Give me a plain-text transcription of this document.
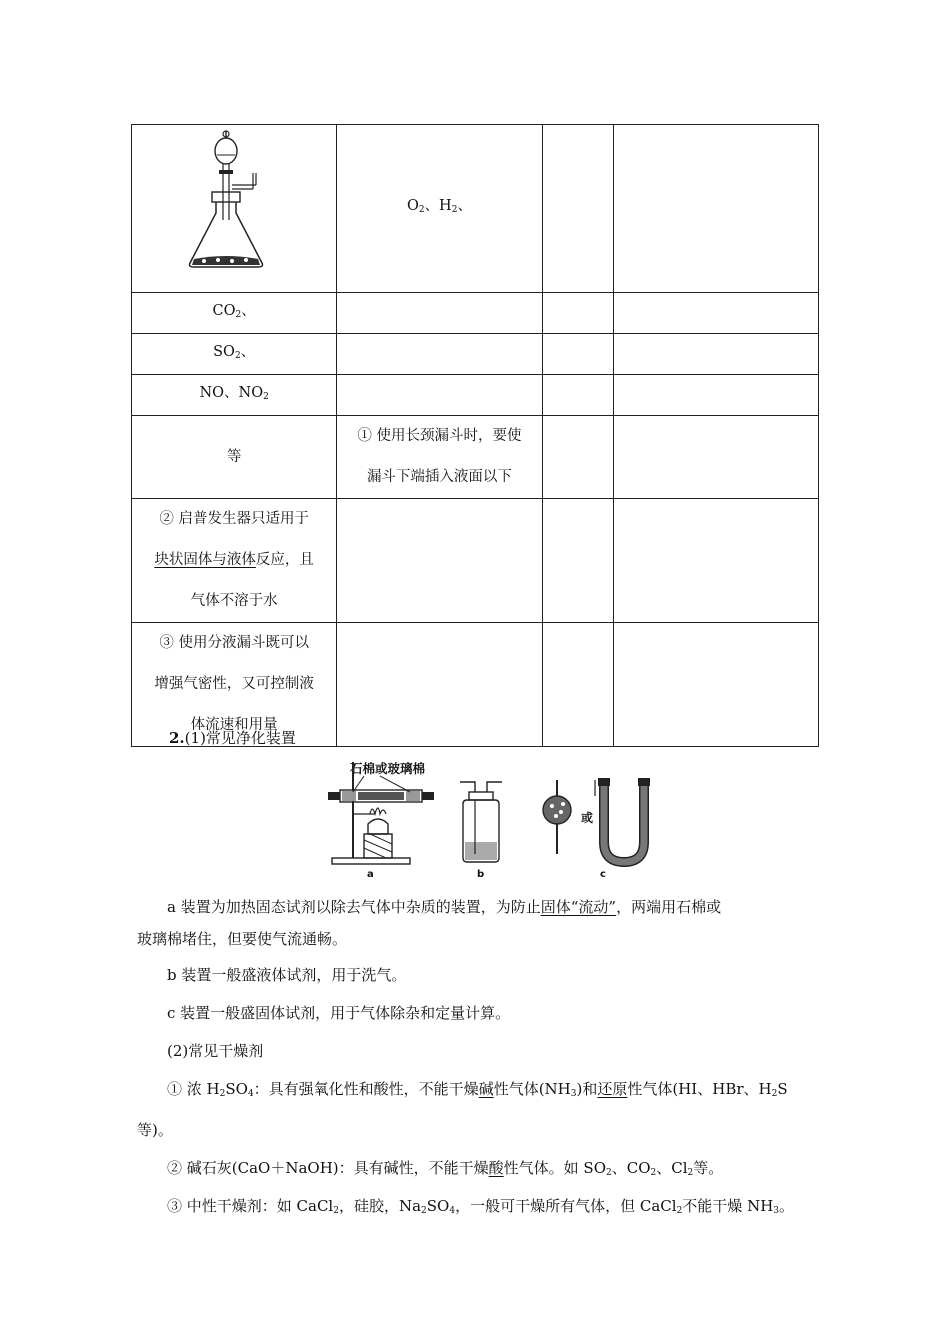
	$O_2$、$H_2$、		
$CO_2$、			
$SO_2$、			
NO、$NO_2$			
等	① 使用长颈漏斗时，要使

漏斗下端插入液面以下		

② 启普发生器只适用于

块状固体与液体反应，且

气体不溶于水			

③ 使用分液漏斗既可以

增强气密性，又可控制液

体流速和用量			

2.(1)常见净化装置
石棉或玻璃棉
a	b
或
c
a 装置为加热固态试剂以除去气体中杂质的装置，为防止固体“流动”，两端用石棉或

玻璃棉堵住，但要使气流通畅。
b 装置一般盛液体试剂，用于洗气。
c 装置一般盛固体试剂，用于气体除杂和定量计算。
(2)常见干燥剂
① 浓 $H_2SO_4$：具有强氧化性和酸性，不能干燥碱性气体$(NH_3)$和还原性气体(HI、HBr、$H_2S$
等)。
② 碱石灰(CaO＋NaOH)：具有碱性，不能干燥酸性气体。如 $SO_2$、$CO_2$、$Cl_2$等。
③ 中性干燥剂：如 CaCl$_2$，硅胶，$Na_2SO_4$，一般可干燥所有气体，但 CaCl$_2$不能干燥 $NH_3$。
